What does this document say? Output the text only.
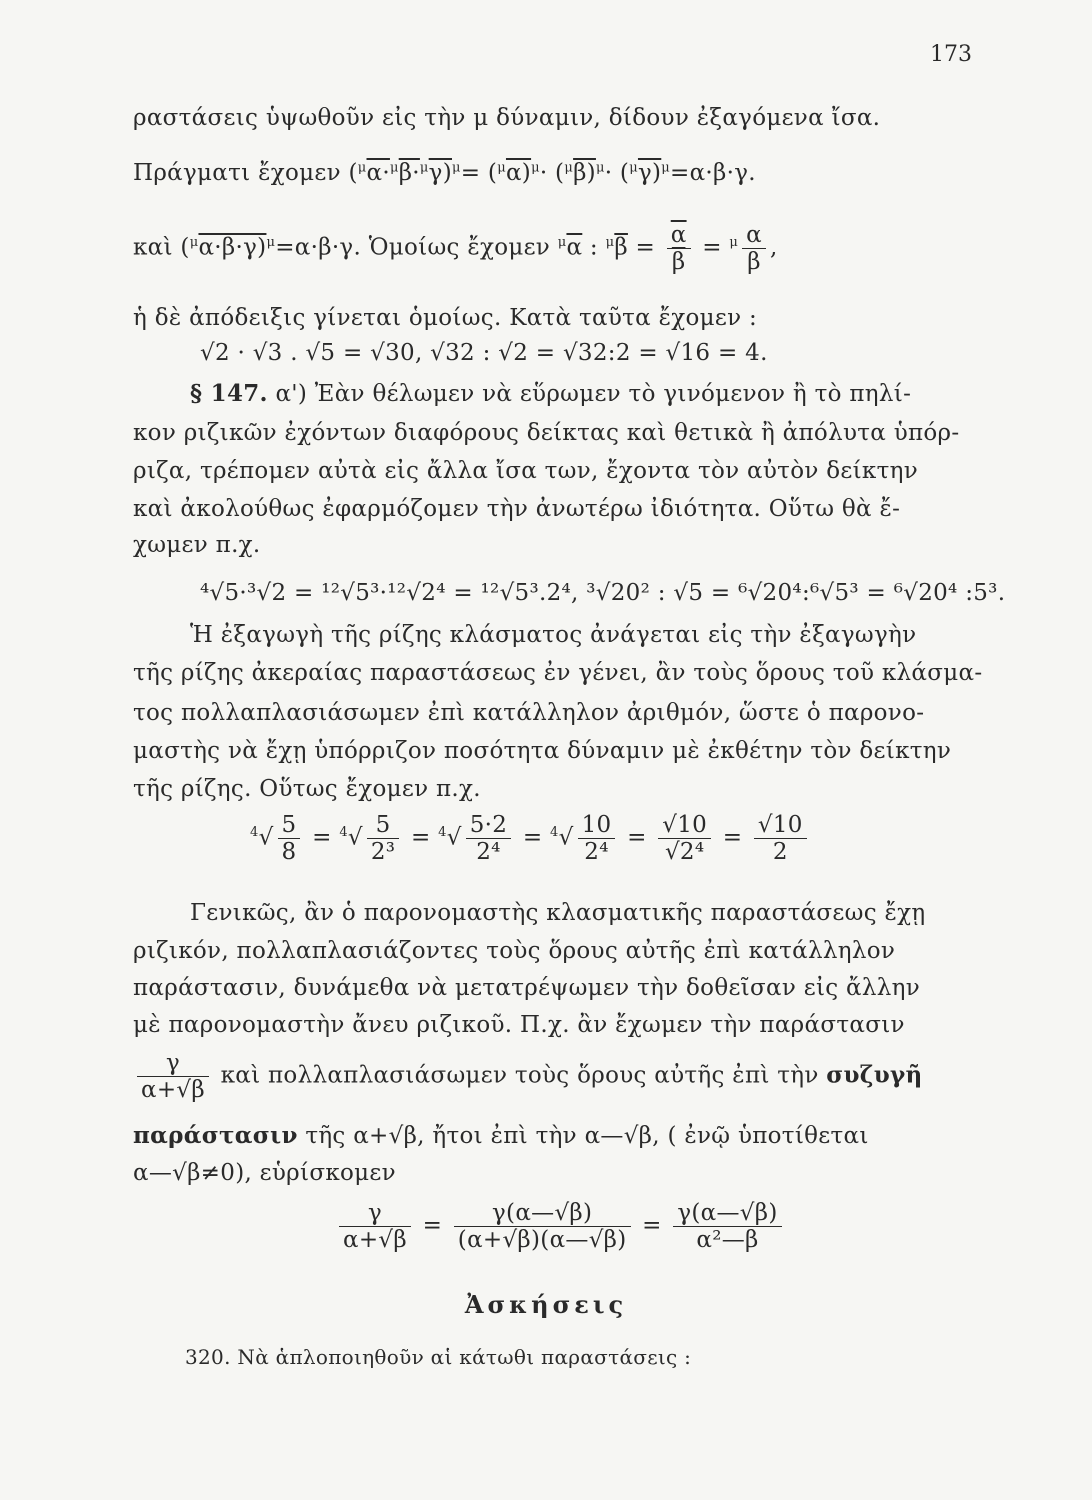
173
ραστάσεις ὑψωθοῦν εἰς τὴν μ δύναμιν, δίδουν ἐξαγόμενα ἴσα.
Πράγματι ἔχομεν $(^\mu\alpha\cdot^\mu\beta\cdot^\mu\gamma)^\mu= (^\mu\alpha)^\mu\cdot (^\mu\beta)^\mu\cdot (^\mu\gamma)^\mu=\alpha\cdot\beta\cdot\gamma$.
καὶ $(^\mu\alpha\cdot\beta\cdot\gamma)^\mu=\alpha\cdot\beta\cdot\gamma$. Ὁμοίως ἔχομεν $^\mu\overline{\alpha}$ : $^\mu\overline{\beta} = \frac{\overline{\alpha}}{\beta} = ^\mu \frac{\alpha}{\beta}$ ,
ἡ δὲ ἀπόδειξις γίνεται ὁμοίως. Κατὰ ταῦτα ἔχομεν :
√2 · √3 . √5 = √30, √32 : √2 = √32:2 = √16 = 4.
§ 147. α') Ἐὰν θέλωμεν νὰ εὕρωμεν τὸ γινόμενον ἢ τὸ πηλί-
κον ριζικῶν ἐχόντων διαφόρους δείκτας καὶ θετικὰ ἢ ἀπόλυτα ὑπόρ-
ριζα, τρέπομεν αὐτὰ εἰς ἄλλα ἴσα των, ἔχοντα τὸν αὐτὸν δείκτην
καὶ ἀκολούθως ἐφαρμόζομεν τὴν ἀνωτέρω ἰδιότητα. Οὕτω θὰ ἔ-
χωμεν π.χ.
⁴√5·³√2 = ¹²√5³·¹²√2⁴ = ¹²√5³.2⁴, ³√20² : √5 = ⁶√20⁴:⁶√5³ = ⁶√20⁴ :5³.
Ἡ ἐξαγωγὴ τῆς ρίζης κλάσματος ἀνάγεται εἰς τὴν ἐξαγωγὴν
τῆς ρίζης ἀκεραίας παραστάσεως ἐν γένει, ἂν τοὺς ὅρους τοῦ κλάσμα-
τος πολλαπλασιάσωμεν ἐπὶ κατάλληλον ἀριθμόν, ὥστε ὁ παρονο-
μαστὴς νὰ ἔχῃ ὑπόρριζον ποσότητα δύναμιν μὲ ἐκθέτην τὸν δείκτην
τῆς ρίζης. Οὕτως ἔχομεν π.χ.
$^4√ \frac{5}{8} = ^4√ \frac{5}{\text{2³}} = ^4√ \frac{5\cdot 2}{\text{2⁴}} = ^4√ \frac{10}{\text{2⁴}} = \frac{√10}{\text{√2⁴}} = \frac{√10}{2}$
Γενικῶς, ἂν ὁ παρονομαστὴς κλασματικῆς παραστάσεως ἔχῃ
ριζικόν, πολλαπλασιάζοντες τοὺς ὅρους αὐτῆς ἐπὶ κατάλληλον
παράστασιν, δυνάμεθα νὰ μετατρέψωμεν τὴν δοθεῖσαν εἰς ἄλλην
μὲ παρονομαστὴν ἄνευ ριζικοῦ. Π.χ. ἂν ἔχωμεν τὴν παράστασιν
$\frac{\gamma}{\alpha+√\beta}$ καὶ πολλαπλασιάσωμεν τοὺς ὅρους αὐτῆς ἐπὶ τὴν συζυγῆ
παράστασιν τῆς α+√β, ἤτοι ἐπὶ τὴν α—√β, ( ἐνῷ ὑποτίθεται
α—√β≠0), εὑρίσκομεν
$\frac{\gamma}{\alpha+√\beta} = \frac{\gamma(\alpha—√\beta)}{(\alpha+√\beta)(\alpha—√\beta)} = \frac{\gamma(\alpha—√\beta)}{\text{α²—β}}$
Ἀσκήσεις
320. Νὰ ἁπλοποιηθοῦν αἱ κάτωθι παραστάσεις :
